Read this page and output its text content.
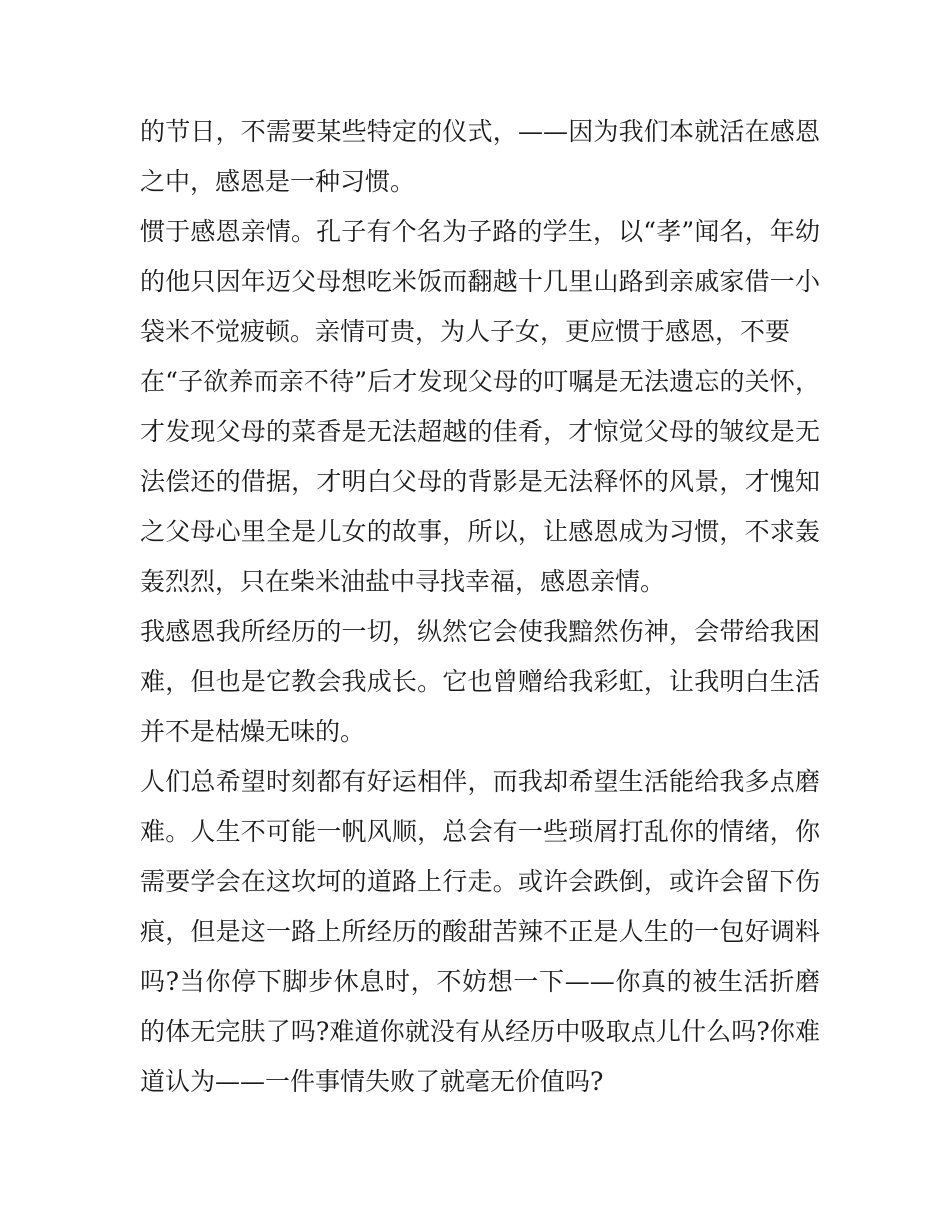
的节日，不需要某些特定的仪式，——因为我们本就活在感恩
之中，感恩是一种习惯。
惯于感恩亲情。孔子有个名为子路的学生，以“孝”闻名，年幼
的他只因年迈父母想吃米饭而翻越十几里山路到亲戚家借一小
袋米不觉疲顿。亲情可贵，为人子女，更应惯于感恩，不要
在“子欲养而亲不待”后才发现父母的叮嘱是无法遗忘的关怀，
才发现父母的菜香是无法超越的佳肴，才惊觉父母的皱纹是无
法偿还的借据，才明白父母的背影是无法释怀的风景，才愧知
之父母心里全是儿女的故事，所以，让感恩成为习惯，不求轰
轰烈烈，只在柴米油盐中寻找幸福，感恩亲情。
我感恩我所经历的一切，纵然它会使我黯然伤神，会带给我困
难，但也是它教会我成长。它也曾赠给我彩虹，让我明白生活
并不是枯燥无味的。
人们总希望时刻都有好运相伴，而我却希望生活能给我多点磨
难。人生不可能一帆风顺，总会有一些琐屑打乱你的情绪，你
需要学会在这坎坷的道路上行走。或许会跌倒，或许会留下伤
痕，但是这一路上所经历的酸甜苦辣不正是人生的一包好调料
吗?当你停下脚步休息时，不妨想一下——你真的被生活折磨
的体无完肤了吗?难道你就没有从经历中吸取点儿什么吗?你难
道认为——一件事情失败了就毫无价值吗?
